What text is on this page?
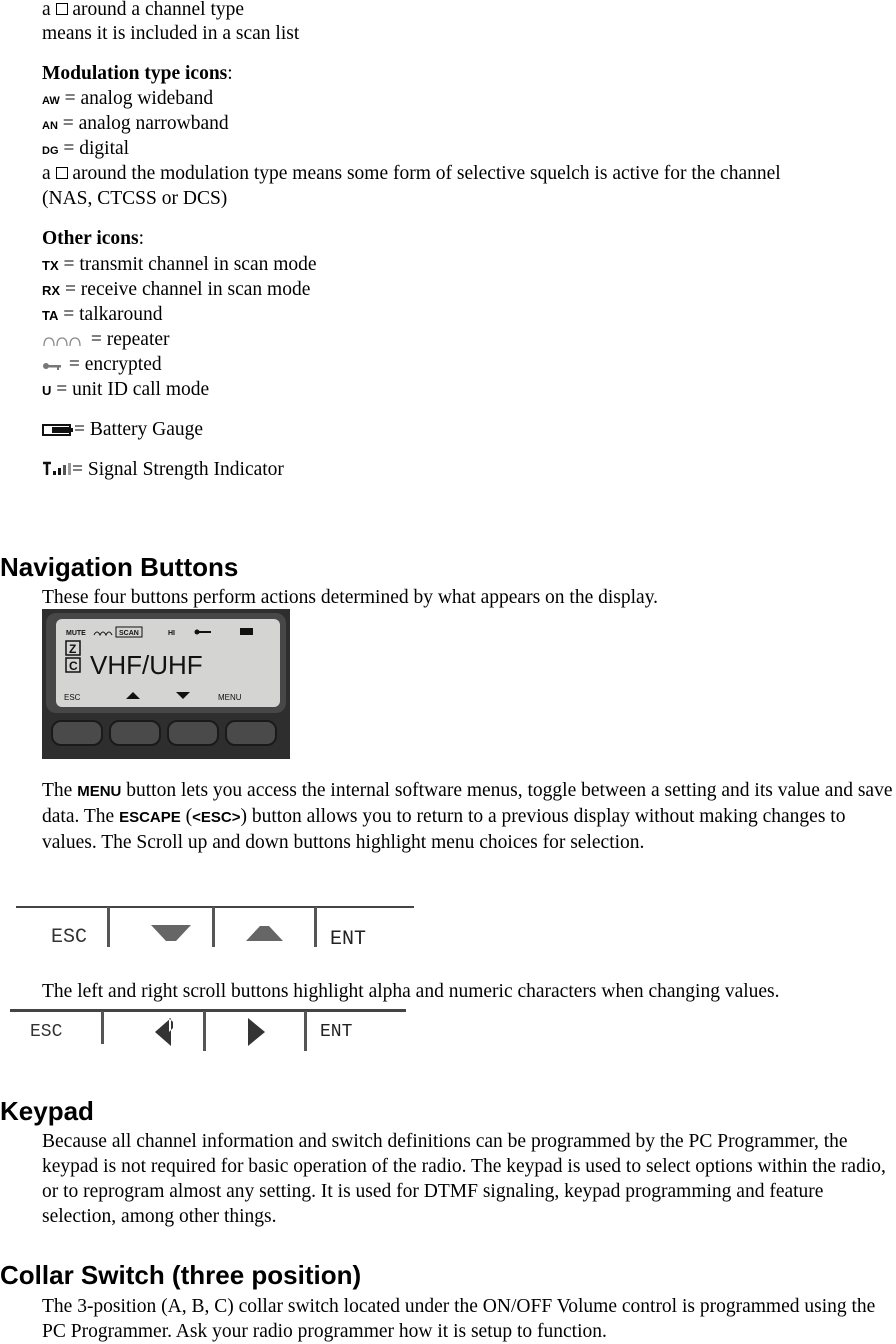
a around a channel type
means it is included in a scan list
Modulation type icons:
AW = analog wideband
AN = analog narrowband
DG = digital
a around the modulation type means some form of selective squelch is active for the channel
(NAS, CTCSS or DCS)
Other icons:
TX = transmit channel in scan mode
RX = receive channel in scan mode
TA = talkaround
= repeater
= encrypted
U = unit ID call mode
= Battery Gauge
= Signal Strength Indicator
Navigation Buttons
These four buttons perform actions determined by what appears on the display.
MUTE	SCAN	HI
Z
C VHF/UHF
ESC	MENU
The MENU button lets you access the internal software menus, toggle between a setting and its value and save data. The ESCAPE (<ESC>) button allows you to return to a previous display without making changes to values. The Scroll up and down buttons highlight menu choices for selection.
ESC	ENT
The left and right scroll buttons highlight alpha and numeric characters when changing values.
ESC	ENT
Keypad
Because all channel information and switch definitions can be programmed by the PC Programmer, the keypad is not required for basic operation of the radio. The keypad is used to select options within the radio, or to reprogram almost any setting. It is used for DTMF signaling, keypad programming and feature selection, among other things.
Collar Switch (three position)
The 3-position (A, B, C) collar switch located under the ON/OFF Volume control is programmed using the PC Programmer. Ask your radio programmer how it is setup to function.
